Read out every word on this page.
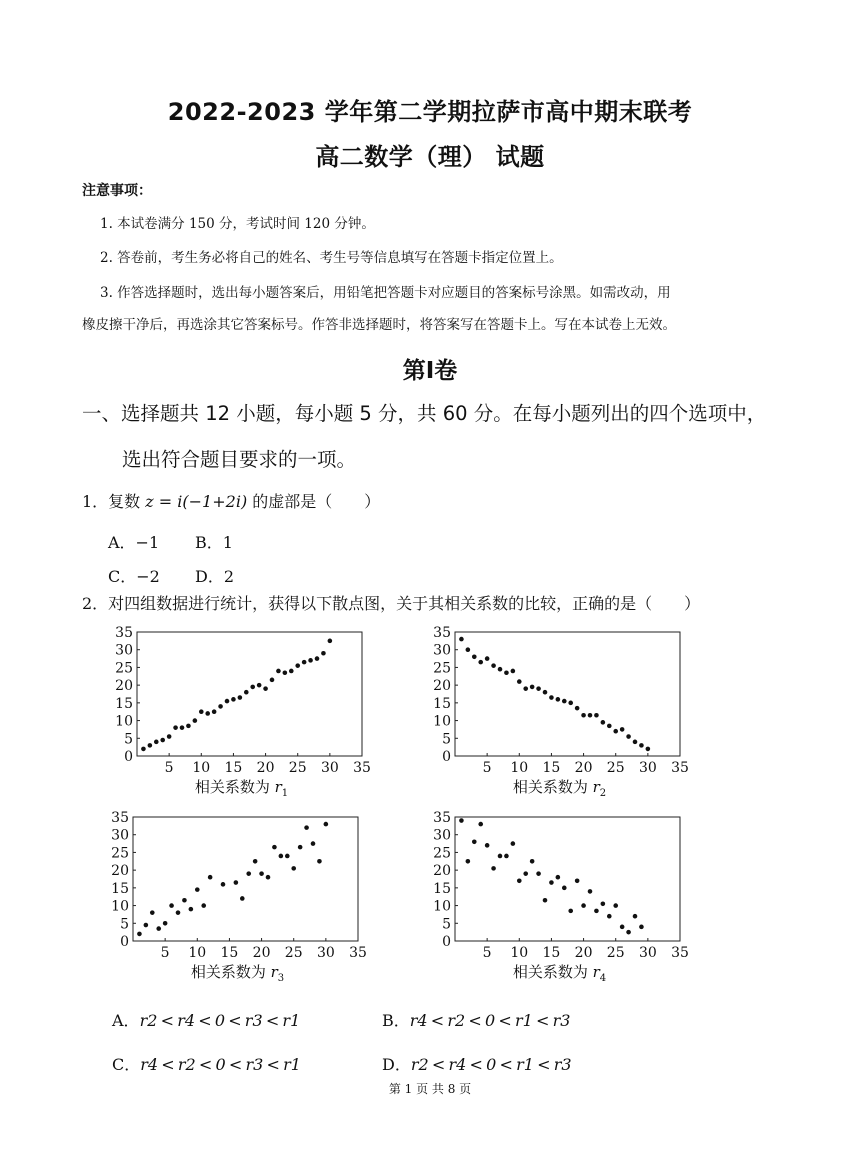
2022-2023 学年第二学期拉萨市高中期末联考
高二数学（理） 试题
注意事项：
1. 本试卷满分 150 分，考试时间 120 分钟。
2. 答卷前，考生务必将自己的姓名、考生号等信息填写在答题卡指定位置上。
3. 作答选择题时，选出每小题答案后，用铅笔把答题卡对应题目的答案标号涂黑。如需改动，用
橡皮擦干净后，再选涂其它答案标号。作答非选择题时，将答案写在答题卡上。写在本试卷上无效。
第Ⅰ卷
一、选择题共 12 小题，每小题 5 分，共 60 分。在每小题列出的四个选项中，
选出符合题目要求的一项。
1．复数 z = i(−1+2i) 的虚部是（　　）
A．−1 B．1
C．−2 D．2
2．对四组数据进行统计，获得以下散点图，关于其相关系数的比较，正确的是（　　）
0
5
10
15
20
25
30
35
5 10 15 20 25 30 35
相关系数为 $r_1$
0
5
10
15
20
25
30
35
5 10 15 20 25 30 35
相关系数为 $r_2$
0
5
10
15
20
25
30
35
5 10 15 20 25 30 35
相关系数为 $r_3$
0
5
10
15
20
25
30
35
5 10 15 20 25 30 35
相关系数为 $r_4$
A．r2 < r4 < 0 < r3 < r1	B．r4 < r2 < 0 < r1 < r3
C．r4 < r2 < 0 < r3 < r1	D．r2 < r4 < 0 < r1 < r3
第 1 页 共 8 页
